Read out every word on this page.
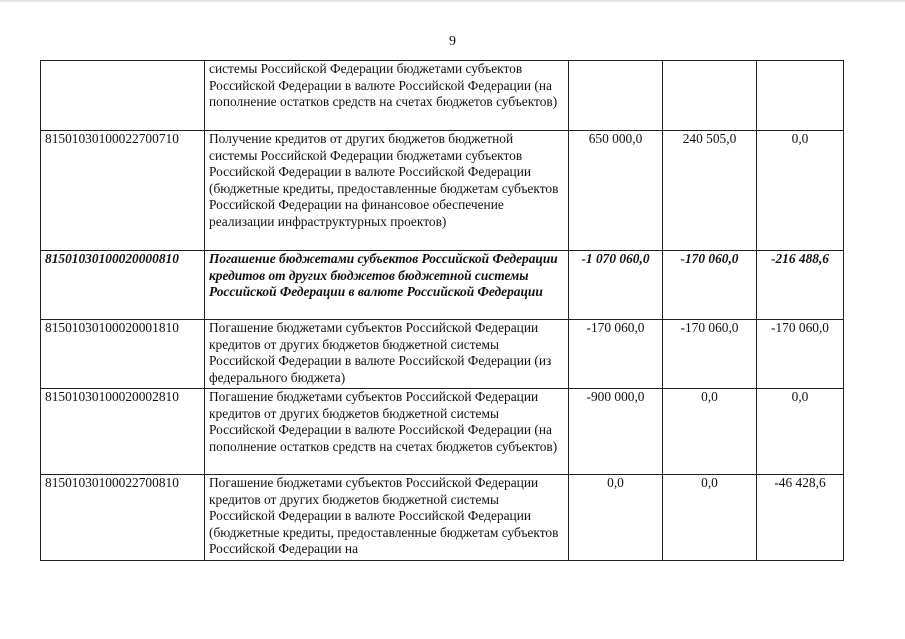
9
	системы Российской Федерации бюджетами субъектов Российской Федерации в валюте Российской Федерации (на пополнение остатков средств на счетах бюджетов субъектов)			
81501030100022700710	Получение кредитов от других бюджетов бюджетной системы Российской Федерации бюджетами субъектов Российской Федерации в валюте Российской Федерации (бюджетные кредиты, предоставленные бюджетам субъектов Российской Федерации на финансовое обеспечение реализации инфраструктурных проектов)	650 000,0	240 505,0	0,0
81501030100020000810	Погашение бюджетами субъектов Российской Федерации кредитов от других бюджетов бюджетной системы Российской Федерации в валюте Российской Федерации	-1 070 060,0	-170 060,0	-216 488,6
81501030100020001810	Погашение бюджетами субъектов Российской Федерации кредитов от других бюджетов бюджетной системы Российской Федерации в валюте Российской Федерации (из федерального бюджета)	-170 060,0	-170 060,0	-170 060,0
81501030100020002810	Погашение бюджетами субъектов Российской Федерации кредитов от других бюджетов бюджетной системы Российской Федерации в валюте Российской Федерации (на пополнение остатков средств на счетах бюджетов субъектов)	-900 000,0	0,0	0,0
81501030100022700810	Погашение бюджетами субъектов Российской Федерации кредитов от других бюджетов бюджетной системы Российской Федерации в валюте Российской Федерации (бюджетные кредиты, предоставленные бюджетам субъектов Российской Федерации на	0,0	0,0	-46 428,6
